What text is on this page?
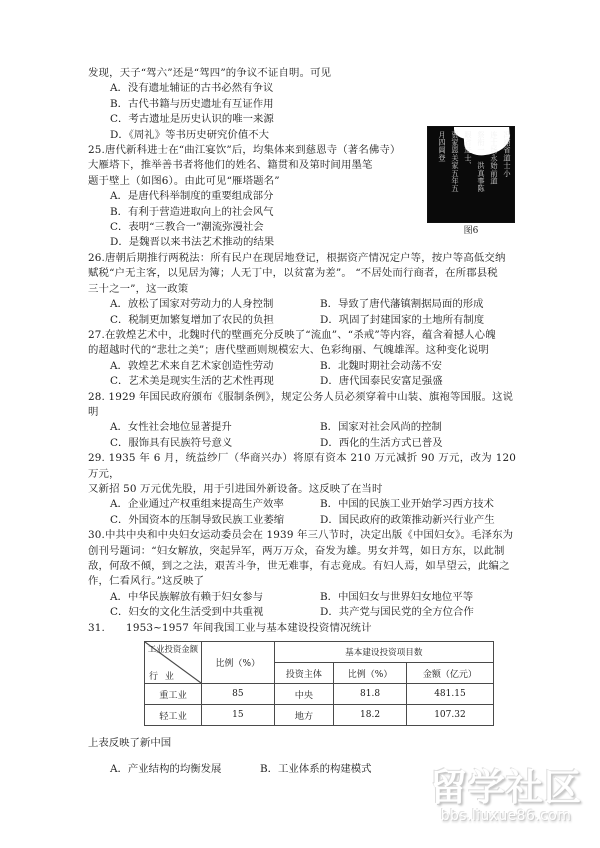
冯翊省道士小
连士场永始前道
祭衔一　洪真事陈
眼省进士、
贾家恩关家五年五
月四阊登
图6

发现，天子“驾六”还是“驾四”的争议不证自明。可见

A．没有遗址辅证的古书必然有争议

B．古代书籍与历史遗址有互证作用

C．考古遗址是历史认识的唯一来源

D．《周礼》等书历史研究价值不大

25.唐代新科进士在“曲江宴饮”后，均集体来到慈恩寺（著名佛寺）

大雁塔下，推举善书者将他们的姓名、籍贯和及第时间用墨笔

题于壁上（如图6）。由此可见“雁塔题名”

A．是唐代科举制度的重要组成部分

B．有利于营造进取向上的社会风气

C．表明“三教合一”潮流弥漫社会

D．是魏晋以来书法艺术推动的结果

26.唐朝后期推行两税法：所有民户在现居地登记，根据资产情况定户等，按户等高低交纳

赋税“户无主客，以见居为簿；人无丁中，以贫富为差”。 “不居处而行商者，在所郡县税

三十之一”，这一政策

A．放松了国家对劳动力的人身控制	B．导致了唐代藩镇割据局面的形成
C．税制更加繁复增加了农民的负担	D．巩固了封建国家的土地所有制度

27.在敦煌艺术中，北魏时代的壁画充分反映了“流血”、“杀戒”等内容，蕴含着撼人心魄

的超越时代的“悲壮之美”；唐代壁画则规模宏大、色彩绚丽、气魄雄浑。这种变化说明

A．敦煌艺术来自艺术家创造性劳动	B．北魏时期社会动荡不安
C．艺术美是现实生活的艺术性再现	D．唐代国泰民安富足强盛

28. 1929 年国民政府颁布《服制条例》，规定公务人员必须穿着中山装、旗袍等国服。这说

明

A．女性社会地位显著提升	B．国家对社会风尚的控制
C．服饰具有民族符号意义	D．西化的生活方式已普及

29. 1935 年 6 月，统益纱厂（华商兴办）将原有资本 210 万元减折 90 万元，改为 120 万元，

又新招 50 万元优先股，用于引进国外新设备。这反映了在当时

A．企业通过产权重组来提高生产效率	B．中国的民族工业开始学习西方技术
C．外国资本的压制导致民族工业萎缩	D．国民政府的政策推动新兴行业产生

30.中共中央和中央妇女运动委员会在 1939 年三八节时，决定出版《中国妇女》。毛泽东为

创刊号题词：“妇女解放，突起异军，两万万众，奋发为雄。男女并驾，如日方东，以此制

敌，何敌不倾，到之之法，艰苦斗争，世无难事，有志竟成。有妇人焉，如旱望云，此编之

作，仁看风行。”这反映了

A．中华民族解放有赖于妇女参与	B．中国妇女与世界妇女地位平等
C．妇女的文化生活受到中共重视	D．共产党与国民党的全方位合作

31.　　1953~1957 年间我国工业与基本建设投资情况统计

工业投资金额
行 业	比例（%）	基本建设投资项目数		
		投资主体	比例（%）	金额（亿元）
重工业	85	中央	81.8	481.15
轻工业	15	地方	18.2	107.32

上表反映了新中国

A．产业结构的均衡发展	B．工业体系的构建模式 留学社区
bbs.liuxue86.com
